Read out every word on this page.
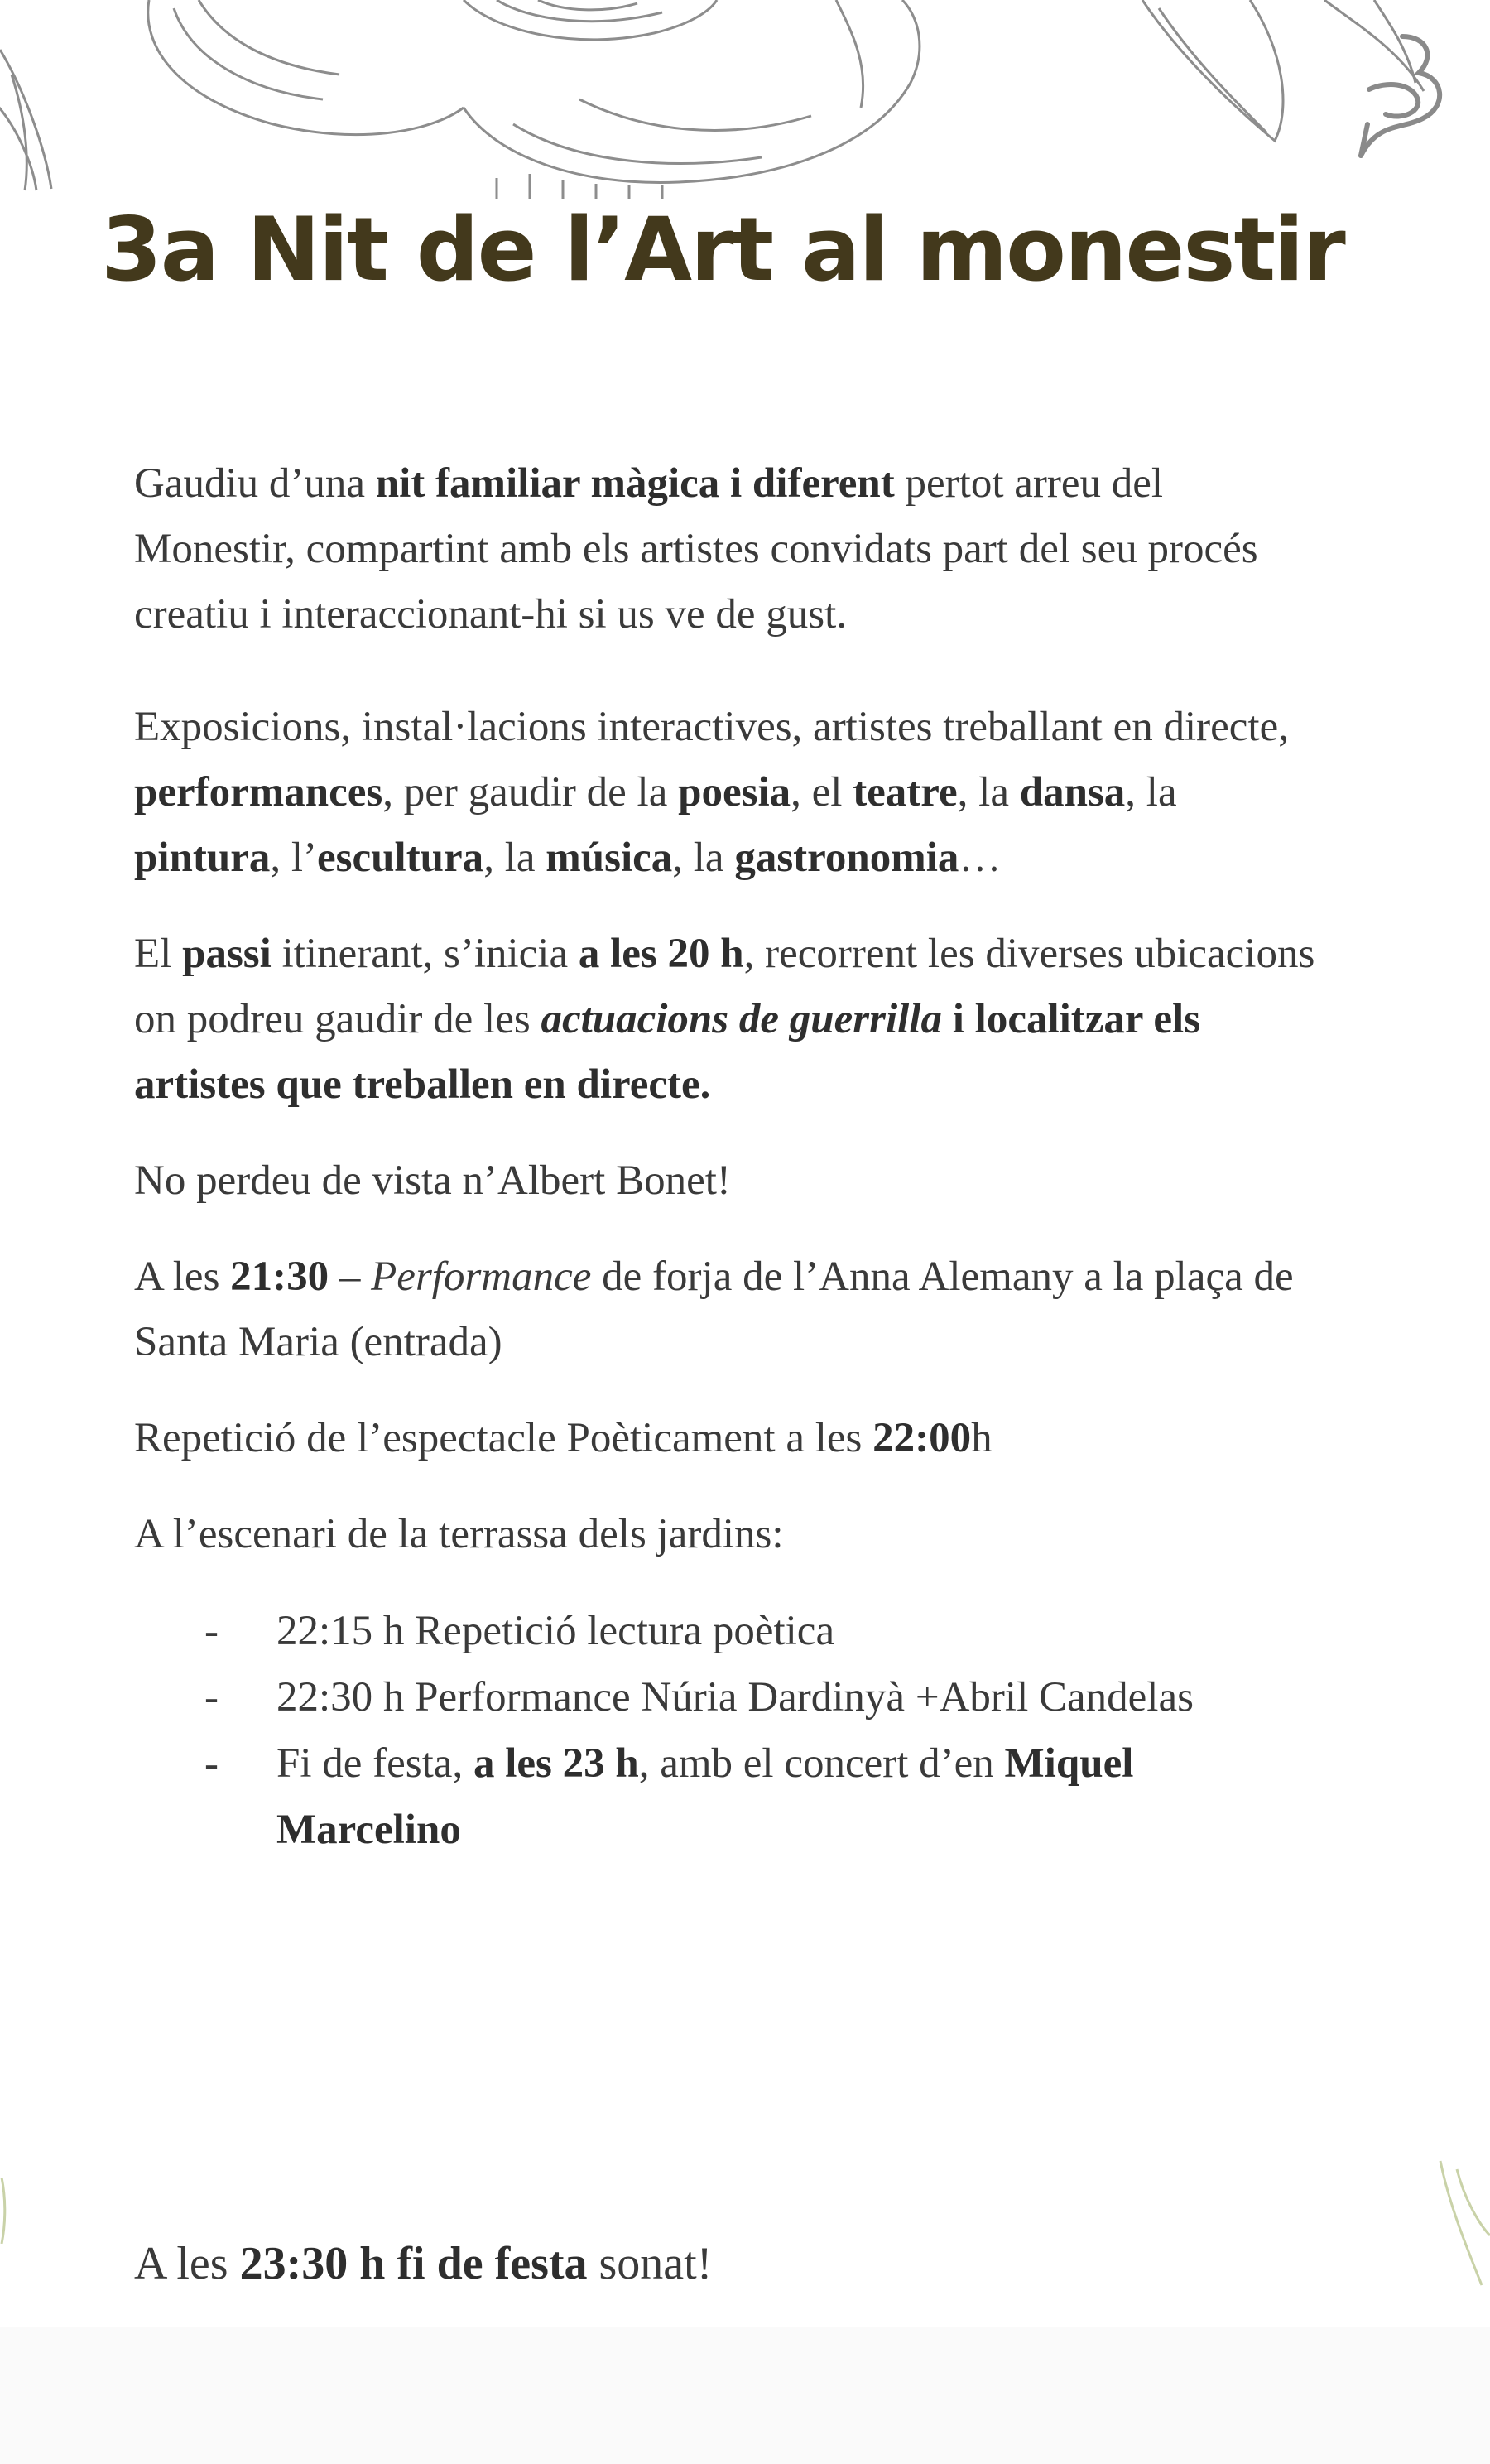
3a Nit de l’Art al monestir

Gaudiu d’una nit familiar màgica i diferent pertot arreu del Monestir, compartint amb els artistes convidats part del seu procés creatiu i interaccionant-hi si us ve de gust.

Exposicions, instal·lacions interactives, artistes treballant en directe, performances, per gaudir de la poesia, el teatre, la dansa, la pintura, l’escultura, la música, la gastronomia…

El passi itinerant, s’inicia a les 20 h, recorrent les diverses ubicacions on podreu gaudir de les actuacions de guerrilla i localitzar els artistes que treballen en directe.

No perdeu de vista n’Albert Bonet!

A les 21:30 – Performance de forja de l’Anna Alemany a la plaça de Santa Maria (entrada)

Repetició de l’espectacle Poèticament a les 22:00h

A l’escenari de la terrassa dels jardins:

- 22:15 h Repetició lectura poètica
- 22:30 h Performance Núria Dardinyà +Abril Candelas
- Fi de festa, a les 23 h, amb el concert d’en Miquel Marcelino

A les 23:30 h fi de festa sonat!
